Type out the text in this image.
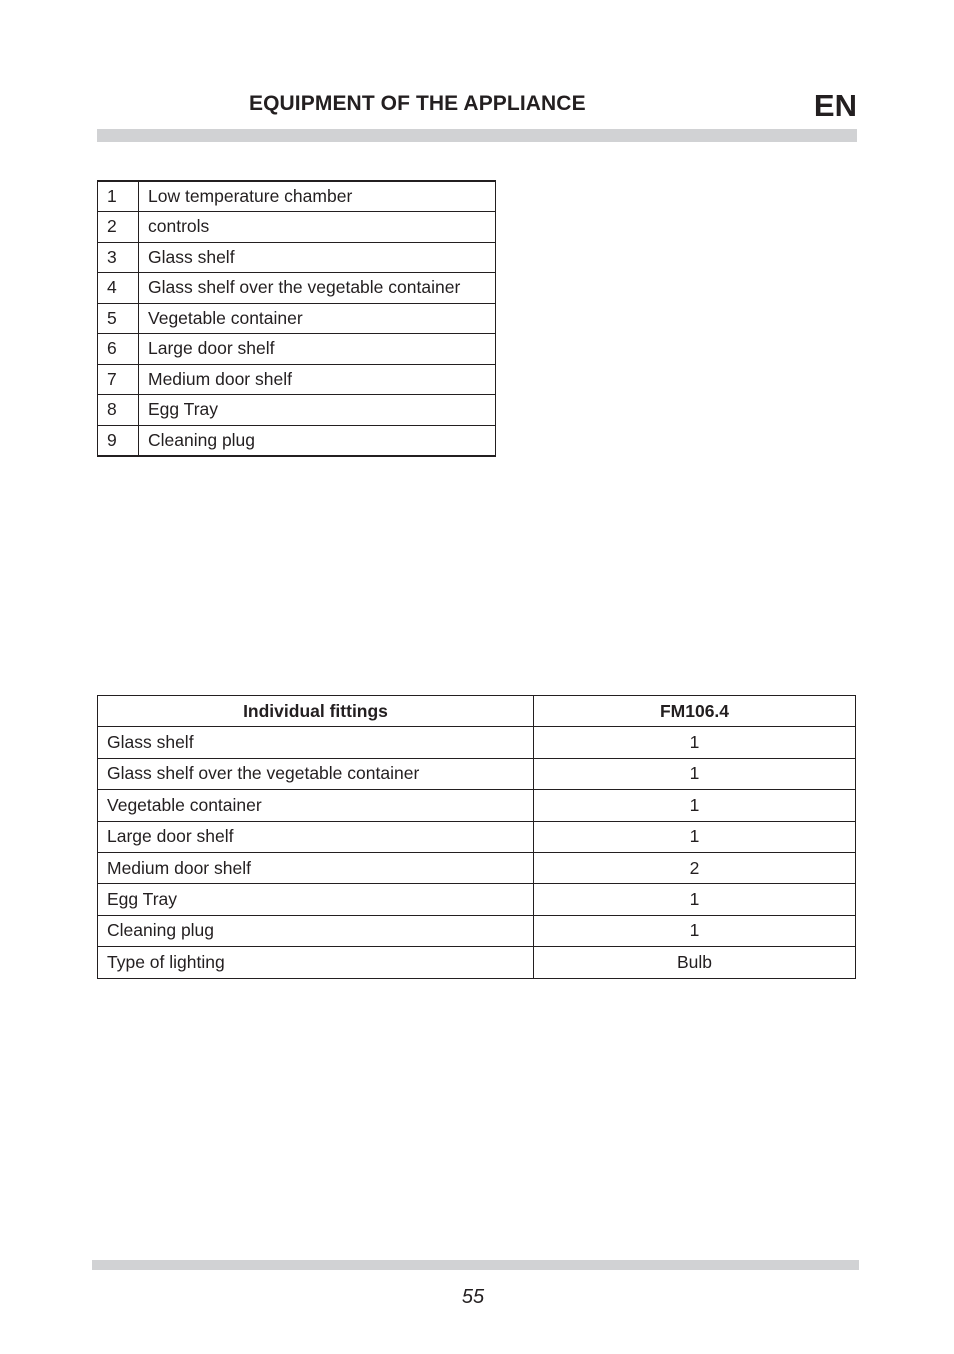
EQUIPMENT OF THE APPLIANCE	EN
1	Low temperature chamber
2	controls
3	Glass shelf
4	Glass shelf over the vegetable container
5	Vegetable container
6	Large door shelf
7	Medium door shelf
8	Egg Tray
9	Cleaning plug
Individual fittings	FM106.4
Glass shelf	1
Glass shelf over the vegetable container	1
Vegetable container	1
Large door shelf	1
Medium door shelf	2
Egg Tray	1
Cleaning plug	1
Type of lighting	Bulb
55
